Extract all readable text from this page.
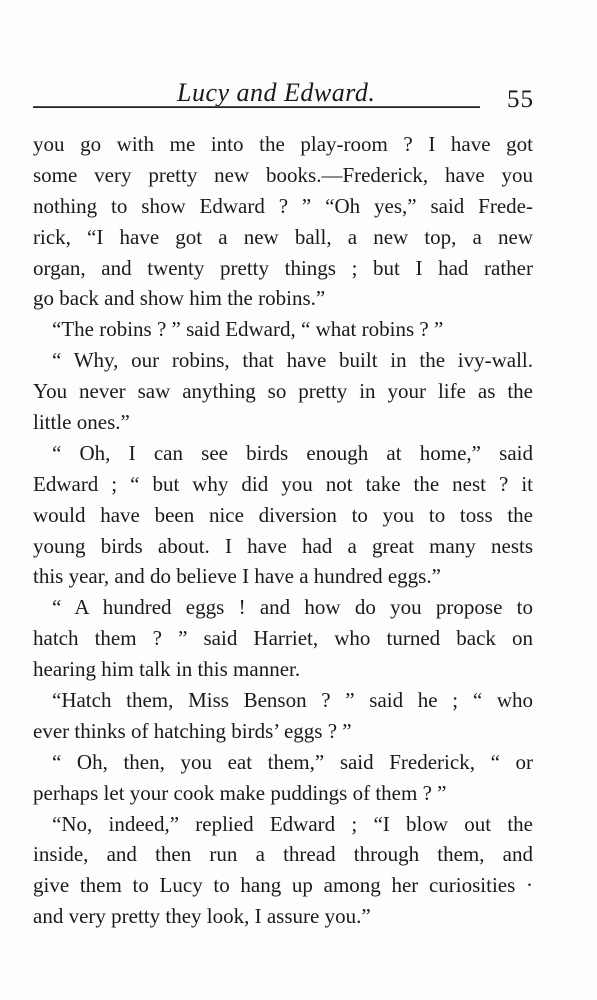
Lucy and Edward.	55
you go with me into the play-room ? I have got
some very pretty new books.—Frederick, have you
nothing to show Edward ? ” “Oh yes,” said Frede-
rick, “I have got a new ball, a new top, a new
organ, and twenty pretty things ; but I had rather
go back and show him the robins.”
“The robins ? ” said Edward, “ what robins ? ”
“ Why, our robins, that have built in the ivy-wall.
You never saw anything so pretty in your life as the
little ones.”
“ Oh, I can see birds enough at home,” said
Edward ; “ but why did you not take the nest ? it
would have been nice diversion to you to toss the
young birds about. I have had a great many nests
this year, and do believe I have a hundred eggs.”
“ A hundred eggs ! and how do you propose to
hatch them ? ” said Harriet, who turned back on
hearing him talk in this manner.
“Hatch them, Miss Benson ? ” said he ; “ who
ever thinks of hatching birds’ eggs ? ”
“ Oh, then, you eat them,” said Frederick, “ or
perhaps let your cook make puddings of them ? ”
“No, indeed,” replied Edward ; “I blow out the
inside, and then run a thread through them, and
give them to Lucy to hang up among her curiosities ·
and very pretty they look, I assure you.”
